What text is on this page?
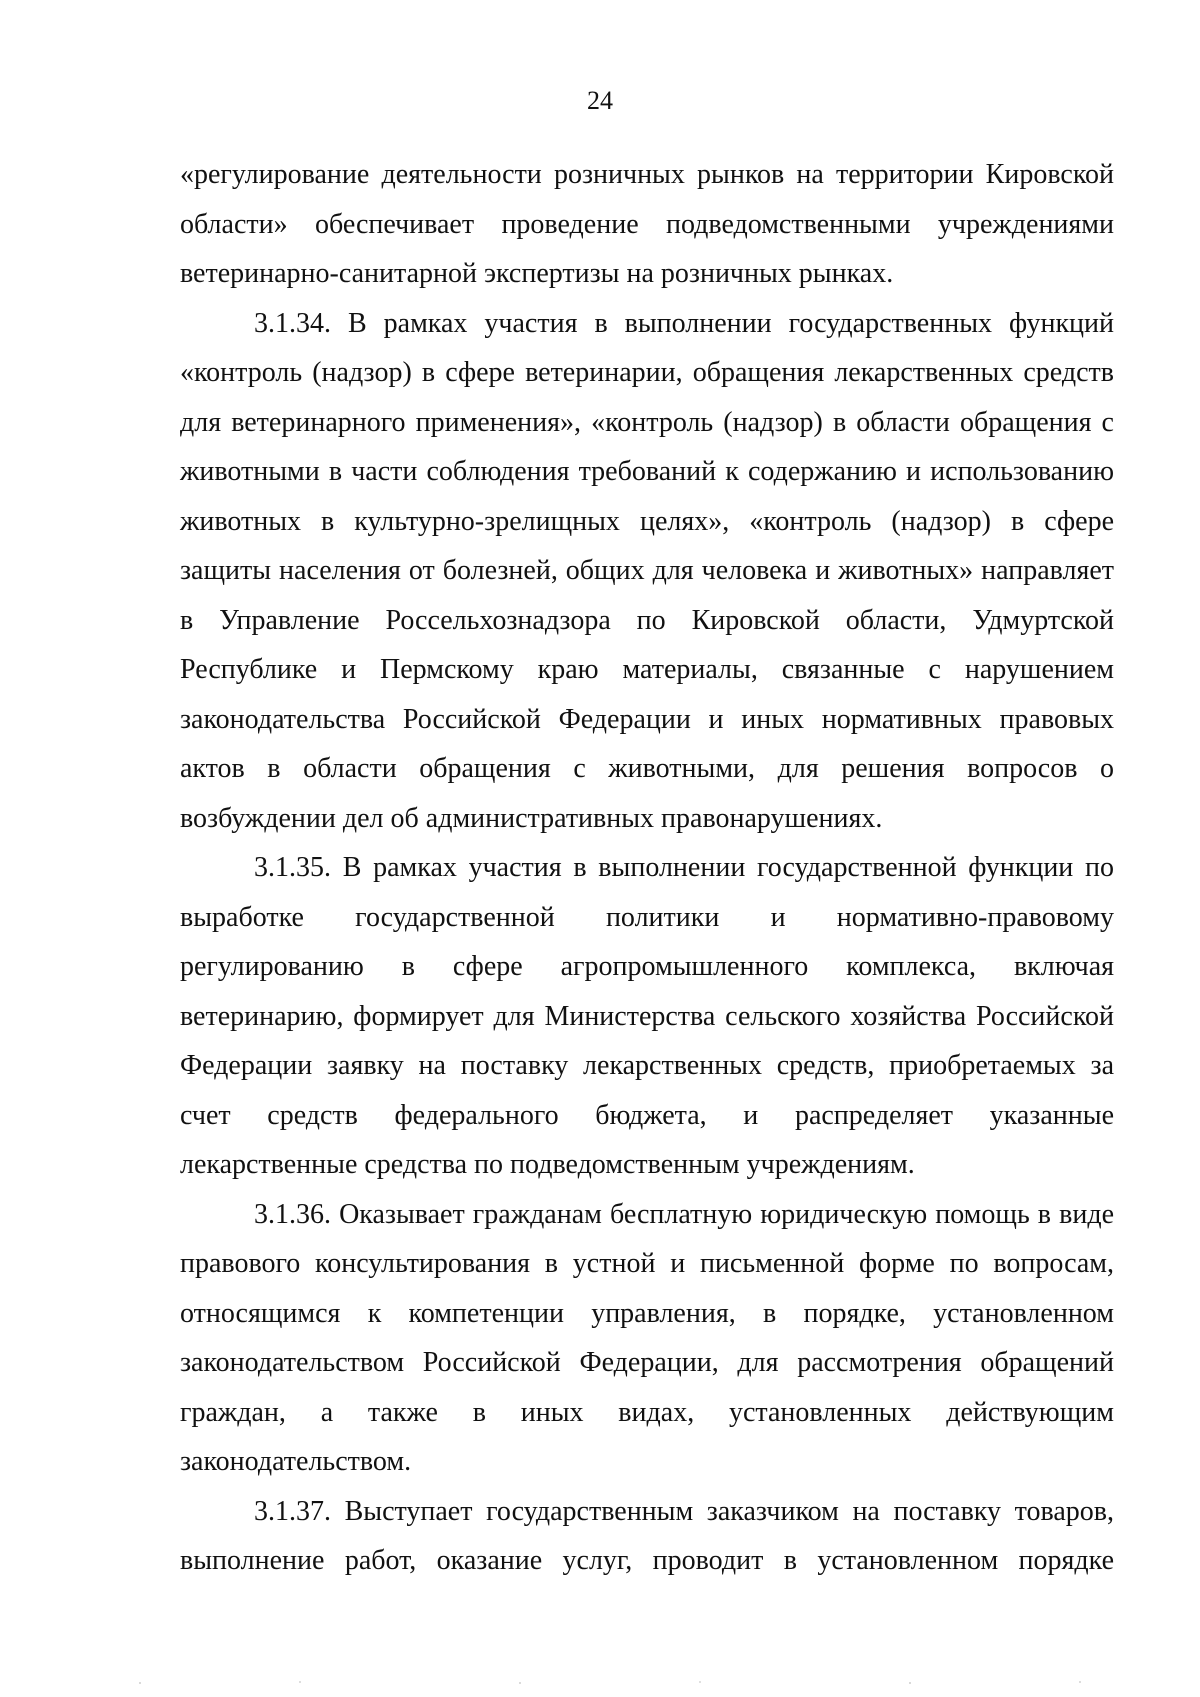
24
«регулирование деятельности розничных рынков на территории Кировской
области» обеспечивает проведение подведомственными учреждениями
ветеринарно-санитарной экспертизы на розничных рынках.
3.1.34. В рамках участия в выполнении государственных функций
«контроль (надзор) в сфере ветеринарии, обращения лекарственных средств
для ветеринарного применения», «контроль (надзор) в области обращения с
животными в части соблюдения требований к содержанию и использованию
животных в культурно-зрелищных целях», «контроль (надзор) в сфере
защиты населения от болезней, общих для человека и животных» направляет
в Управление Россельхознадзора по Кировской области, Удмуртской
Республике и Пермскому краю материалы, связанные с нарушением
законодательства Российской Федерации и иных нормативных правовых
актов в области обращения с животными, для решения вопросов о
возбуждении дел об административных правонарушениях.
3.1.35. В рамках участия в выполнении государственной функции по
выработке государственной политики и нормативно-правовому
регулированию в сфере агропромышленного комплекса, включая
ветеринарию, формирует для Министерства сельского хозяйства Российской
Федерации заявку на поставку лекарственных средств, приобретаемых за
счет средств федерального бюджета, и распределяет указанные
лекарственные средства по подведомственным учреждениям.
3.1.36. Оказывает гражданам бесплатную юридическую помощь в виде
правового консультирования в устной и письменной форме по вопросам,
относящимся к компетенции управления, в порядке, установленном
законодательством Российской Федерации, для рассмотрения обращений
граждан, а также в иных видах, установленных действующим
законодательством.
3.1.37. Выступает государственным заказчиком на поставку товаров,
выполнение работ, оказание услуг, проводит в установленном порядке
